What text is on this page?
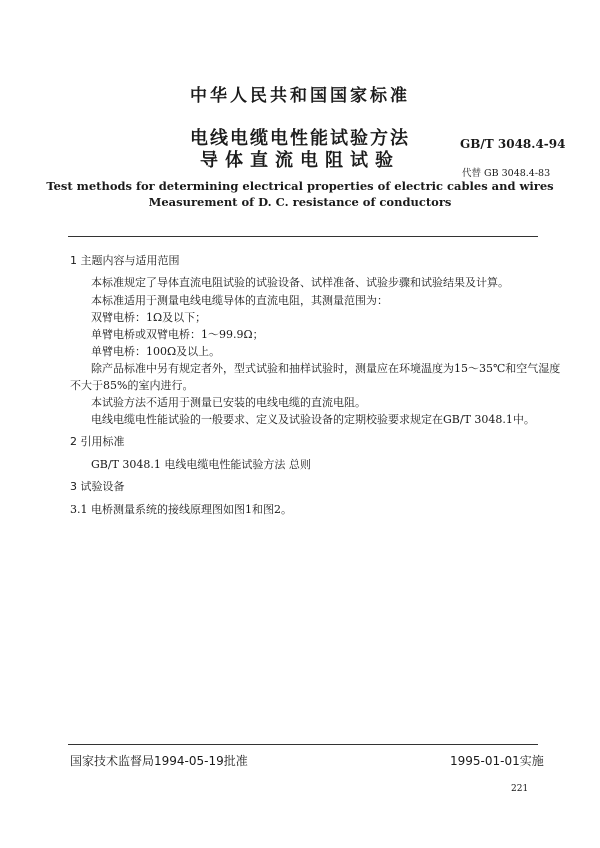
中华人民共和国国家标准
电线电缆电性能试验方法
导体直流电阻试验
GB/T 3048.4-94
代替 GB 3048.4-83
Test methods for determining electrical properties of electric cables and wires
Measurement of D. C. resistance of conductors
1 主题内容与适用范围
本标准规定了导体直流电阻试验的试验设备、试样准备、试验步骤和试验结果及计算。
本标准适用于测量电线电缆导体的直流电阻，其测量范围为：
双臂电桥：1Ω及以下；
单臂电桥或双臂电桥：1～99.9Ω；
单臂电桥：100Ω及以上。
除产品标准中另有规定者外，型式试验和抽样试验时，测量应在环境温度为15～35℃和空气湿度
不大于85%的室内进行。
本试验方法不适用于测量已安装的电线电缆的直流电阻。
电线电缆电性能试验的一般要求、定义及试验设备的定期校验要求规定在GB/T 3048.1中。
2 引用标准
GB/T 3048.1 电线电缆电性能试验方法 总则
3 试验设备
3.1 电桥测量系统的接线原理图如图1和图2。
国家技术监督局1994-05-19批准	1995-01-01实施
221
